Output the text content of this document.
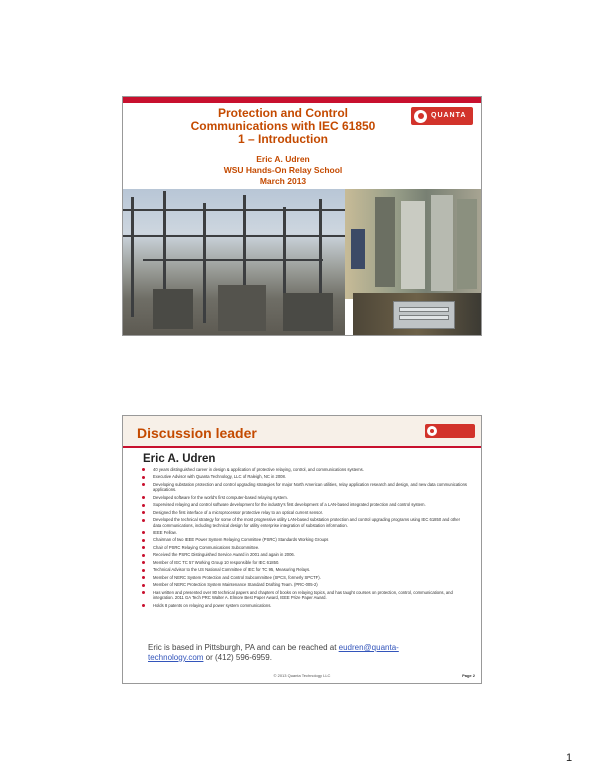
Protection and Control
Communications with IEC 61850
1 – Introduction
Eric A. Udren
WSU Hands-On Relay School
March 2013
QUANTA
Discussion leader
Eric A. Udren
40 years distinguished career in design & application of protective relaying, control, and communications systems.
Executive Advisor with Quanta Technology, LLC of Raleigh, NC in 2008.
Developing substation protection and control upgrading strategies for major North American utilities, relay application research and design, and new data communications applications.
Developed software for the world's first computer-based relaying system.
Supervised relaying and control software development for the industry's first development of a LAN-based integrated protection and control system.
Designed the first interface of a microprocessor protective relay to an optical current sensor.
Developed the technical strategy for some of the most progressive utility LAN-based substation protection and control upgrading programs using IEC 61850 and other data communications, including technical design for utility enterprise integration of substation information.
IEEE Fellow.
Chairman of two IEEE Power System Relaying Committee (PSRC) Standards Working Groups
Chair of PSRC Relaying Communications Subcommittee.
Received the PSRC Distinguished Service Award in 2001 and again in 2006.
Member of IEC TC 57 Working Group 10 responsible for IEC 61850.
Technical Advisor to the US National Committee of IEC for TC 95, Measuring Relays.
Member of NERC System Protection and Control Subcommittee (SPCS, formerly SPCTF).
Member of NERC Protection System Maintenance Standard Drafting Team. (PRC-005-2)
Has written and presented over 80 technical papers and chapters of books on relaying topics, and has taught courses on protection, control, communications, and integration. 2011 GA Tech PRC Walter A. Elmore Best Paper Award, IEEE Prize Paper Award.
Holds 8 patents on relaying and power system communications.
Eric is based in Pittsburgh, PA and can be reached at eudren@quanta-technology.com or (412) 596-6959.
© 2013 Quanta Technology LLC	Page 2
1
